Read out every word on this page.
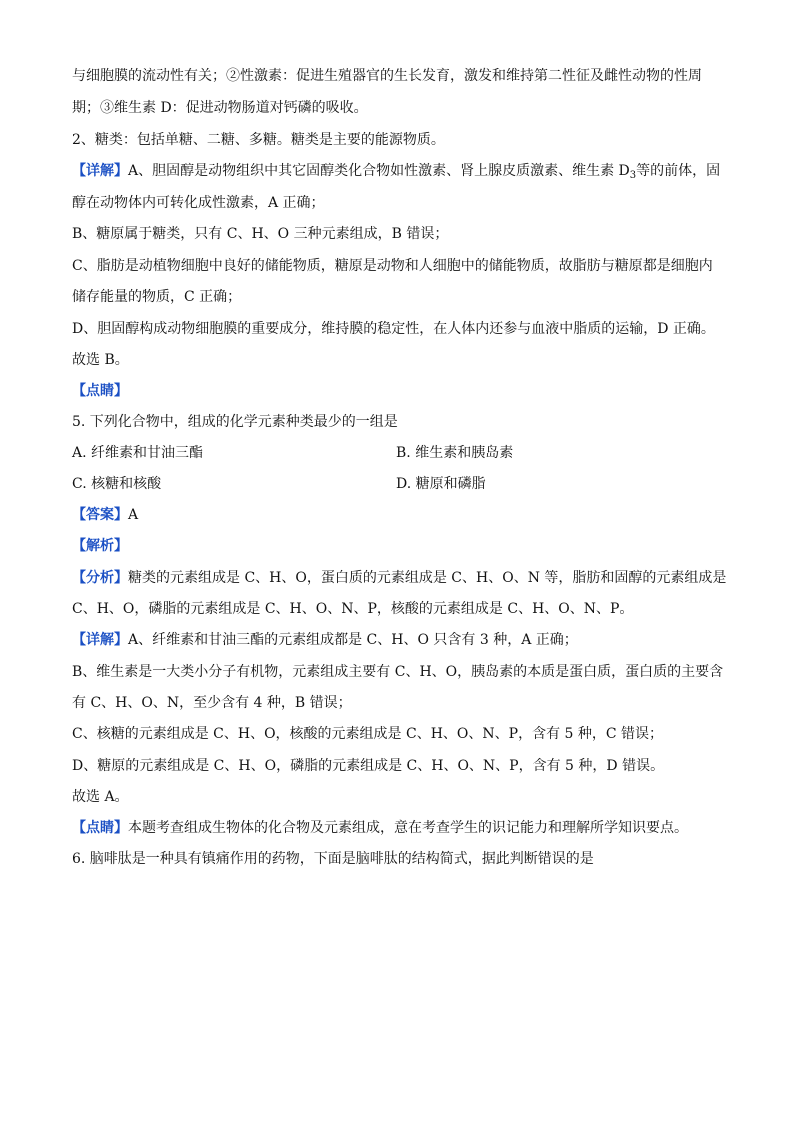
与细胞膜的流动性有关；②性激素：促进生殖器官的生长发育，激发和维持第二性征及雌性动物的性周
期；③维生素 D：促进动物肠道对钙磷的吸收。
2、糖类：包括单糖、二糖、多糖。糖类是主要的能源物质。
【详解】A、胆固醇是动物组织中其它固醇类化合物如性激素、肾上腺皮质激素、维生素 $D_3$等的前体，固
醇在动物体内可转化成性激素，A 正确；
B、糖原属于糖类，只有 C、H、O 三种元素组成，B 错误；
C、脂肪是动植物细胞中良好的储能物质，糖原是动物和人细胞中的储能物质，故脂肪与糖原都是细胞内
储存能量的物质，C 正确；
D、胆固醇构成动物细胞膜的重要成分，维持膜的稳定性，在人体内还参与血液中脂质的运输，D 正确。
故选 B。
【点睛】
5. 下列化合物中，组成的化学元素种类最少的一组是
A. 纤维素和甘油三酯	B. 维生素和胰岛素
C. 核糖和核酸	D. 糖原和磷脂
【答案】A
【解析】
【分析】糖类的元素组成是 C、H、O，蛋白质的元素组成是 C、H、O、N 等，脂肪和固醇的元素组成是
C、H、O，磷脂的元素组成是 C、H、O、N、P，核酸的元素组成是 C、H、O、N、P。
【详解】A、纤维素和甘油三酯的元素组成都是 C、H、O 只含有 3 种，A 正确；
B、维生素是一大类小分子有机物，元素组成主要有 C、H、O，胰岛素的本质是蛋白质，蛋白质的主要含
有 C、H、O、N，至少含有 4 种，B 错误；
C、核糖的元素组成是 C、H、O，核酸的元素组成是 C、H、O、N、P，含有 5 种，C 错误；
D、糖原的元素组成是 C、H、O，磷脂的元素组成是 C、H、O、N、P，含有 5 种，D 错误。
故选 A。
【点睛】本题考查组成生物体的化合物及元素组成，意在考查学生的识记能力和理解所学知识要点。
6. 脑啡肽是一种具有镇痛作用的药物，下面是脑啡肽的结构简式，据此判断错误的是
